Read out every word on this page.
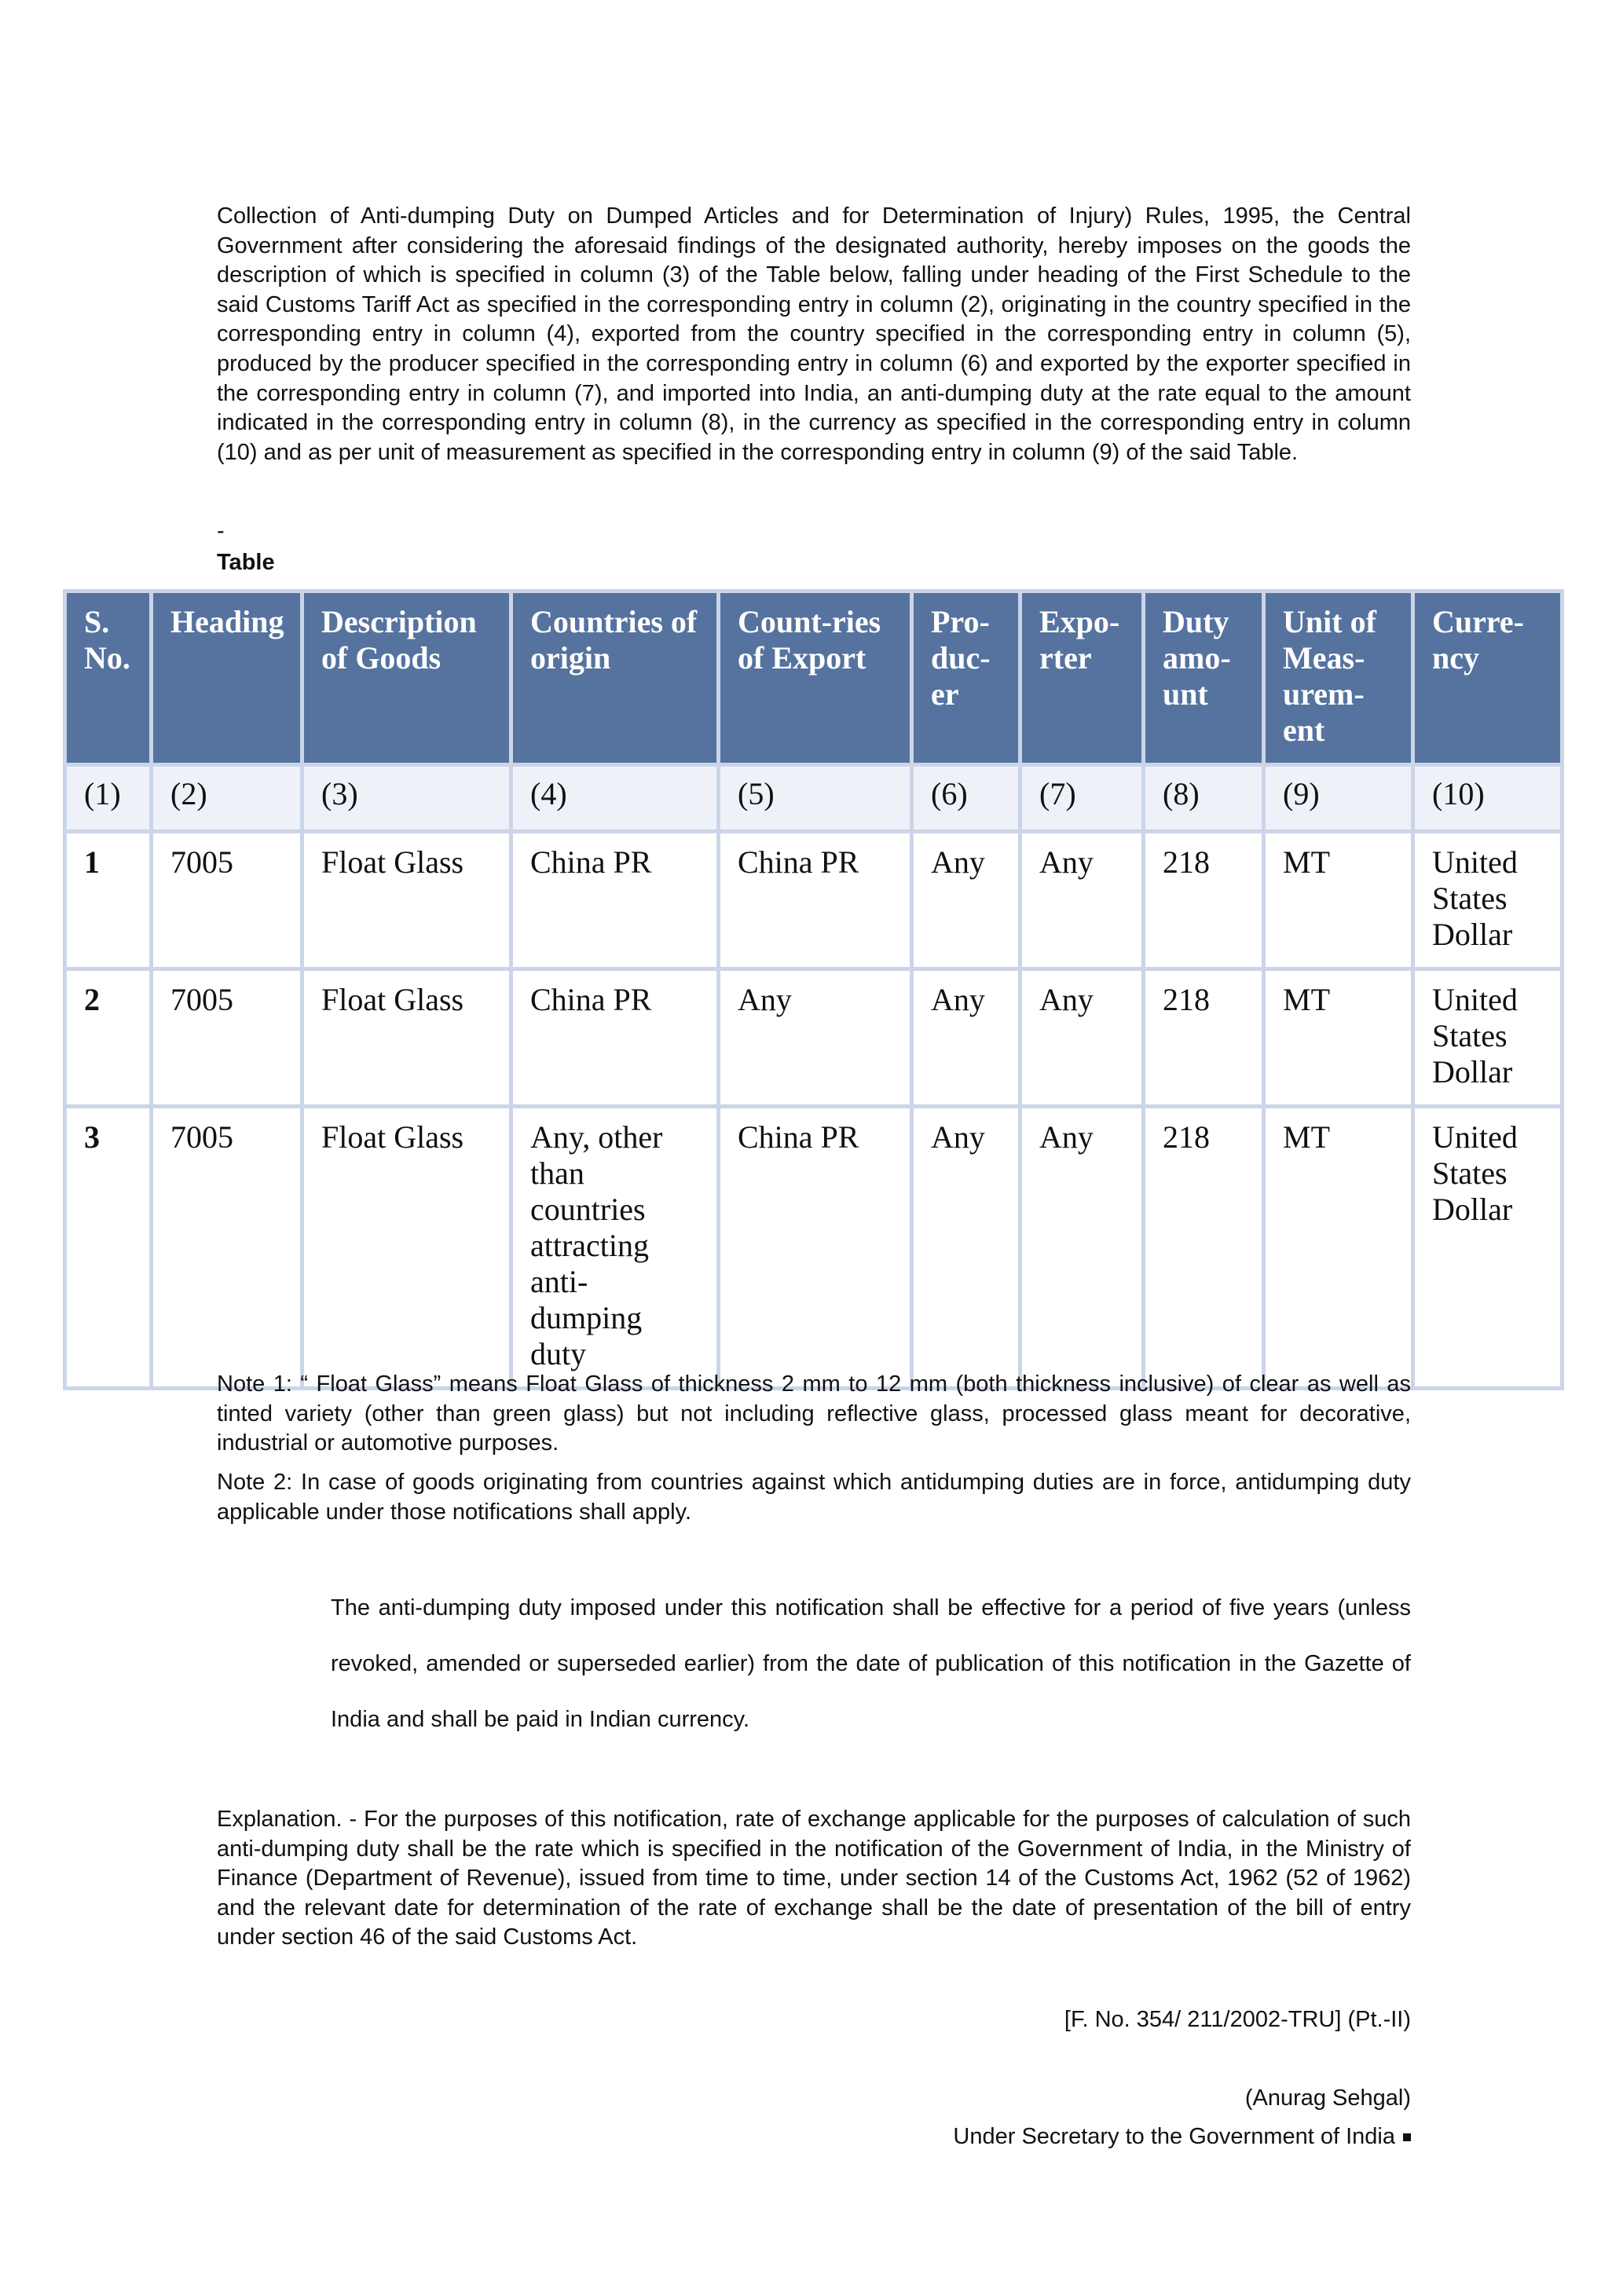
Collection of Anti-dumping Duty on Dumped Articles and for Determination of Injury) Rules, 1995, the Central Government after considering the aforesaid findings of the designated authority, hereby imposes on the goods the description of which is specified in column (3) of the Table below, falling under heading of the First Schedule to the said Customs Tariff Act as specified in the corresponding entry in column (2), originating in the country specified in the corresponding entry in column (4), exported from the country specified in the corresponding entry in column (5), produced by the producer specified in the corresponding entry in column (6) and exported by the exporter specified in the corresponding entry in column (7), and imported into India, an anti-dumping duty at the rate equal to the amount indicated in the corresponding entry in column (8), in the currency as specified in the corresponding entry in column (10) and as per unit of measurement as specified in the corresponding entry in column (9) of the said Table.
-
Table
S. No.	Heading	Description of Goods	Countries of origin	Count-ries of Export	Pro-duc-er	Expo-rter	Duty amo-unt	Unit of Meas-urem-ent	Curre-ncy
(1)	(2)	(3)	(4)	(5)	(6)	(7)	(8)	(9)	(10)
1	7005	Float Glass	China PR	China PR	Any	Any	218	MT	United States Dollar
2	7005	Float Glass	China PR	Any	Any	Any	218	MT	United States Dollar
3	7005	Float Glass	Any, other than countries attracting anti-dumping duty	China PR	Any	Any	218	MT	United States Dollar
Note 1: “ Float Glass” means Float Glass of thickness 2 mm to 12 mm (both thickness inclusive) of clear as well as tinted variety (other than green glass) but not including reflective glass, processed glass meant for decorative, industrial or automotive purposes.
Note 2: In case of goods originating from countries against which antidumping duties are in force, antidumping duty applicable under those notifications shall apply.
The anti-dumping duty imposed under this notification shall be effective for a period of five years (unless revoked, amended or superseded earlier) from the date of publication of this notification in the Gazette of India and shall be paid in Indian currency.
Explanation. - For the purposes of this notification, rate of exchange applicable for the purposes of calculation of such anti-dumping duty shall be the rate which is specified in the notification of the Government of India, in the Ministry of Finance (Department of Revenue), issued from time to time, under section 14 of the Customs Act, 1962 (52 of 1962) and the relevant date for determination of the rate of exchange shall be the date of presentation of the bill of entry under section 46 of the said Customs Act.
[F. No. 354/ 211/2002-TRU] (Pt.-II)
(Anurag Sehgal)
Under Secretary to the Government of India
